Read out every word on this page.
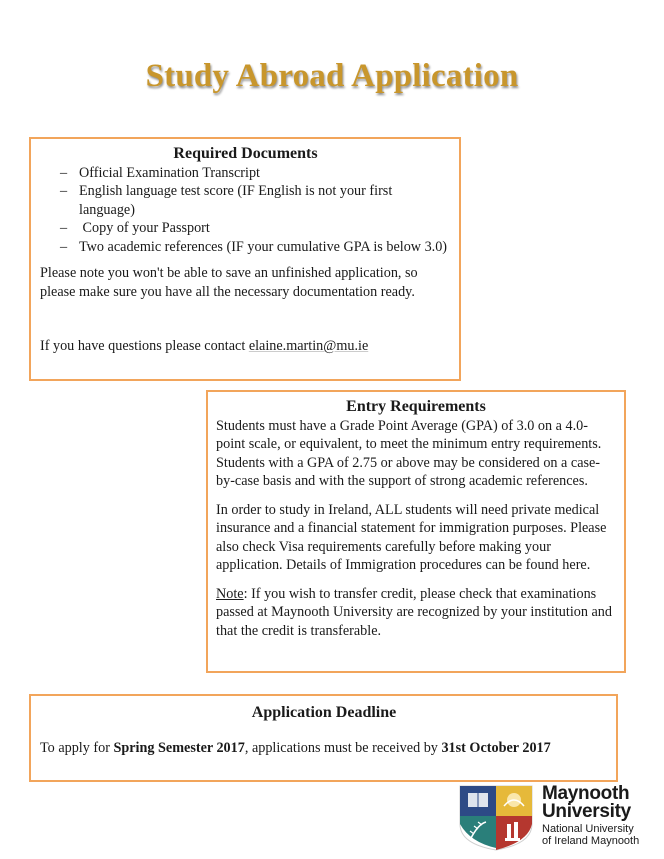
Study Abroad Application
Required Documents
– Official Examination Transcript
– English language test score (IF English is not your first language)
–  Copy of your Passport
– Two academic references (IF your cumulative GPA is below 3.0)

Please note you won't be able to save an unfinished application, so please make sure you have all the necessary documentation ready.

If you have questions please contact elaine.martin@mu.ie

Entry Requirements

Students must have a Grade Point Average (GPA) of 3.0 on a 4.0-point scale, or equivalent, to meet the minimum entry requirements. Students with a GPA of 2.75 or above may be considered on a case-by-case basis and with the support of strong academic references.

In order to study in Ireland, ALL students will need private medical insurance and a financial statement for immigration purposes. Please also check Visa requirements carefully before making your application. Details of Immigration procedures can be found here.

Note: If you wish to transfer credit, please check that examinations passed at Maynooth University are recognized by your institution and that the credit is transferable.

Application Deadline

To apply for Spring Semester 2017, applications must be received by 31st October 2017

Maynooth
University
National University
of Ireland Maynooth
